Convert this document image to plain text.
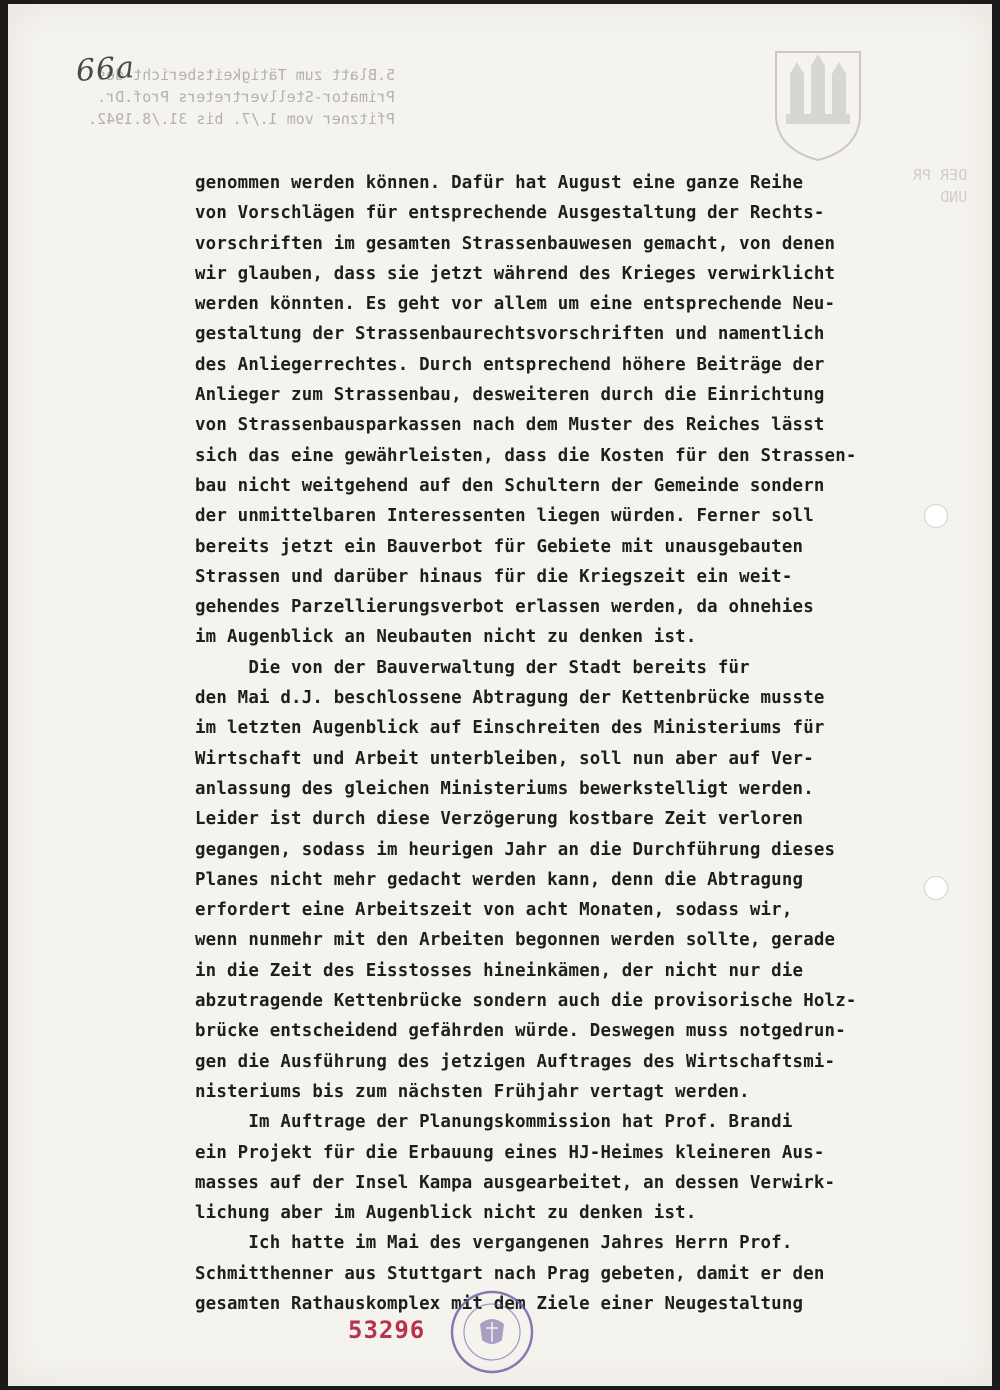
DER PR
UND
5.Blatt zum Tätigkeitsbericht des
Primator-Stellvertreters Prof.Dr.
Pfitzner vom 1./7. bis 31./8.1942.
66a
genommen werden können. Dafür hat August eine ganze Reihe
von Vorschlägen für entsprechende Ausgestaltung der Rechts-
vorschriften im gesamten Strassenbauwesen gemacht, von denen
wir glauben, dass sie jetzt während des Krieges verwirklicht
werden könnten. Es geht vor allem um eine entsprechende Neu-
gestaltung der Strassenbaurechtsvorschriften und namentlich
des Anliegerrechtes. Durch entsprechend höhere Beiträge der
Anlieger zum Strassenbau, desweiteren durch die Einrichtung
von Strassenbausparkassen nach dem Muster des Reiches lässt
sich das eine gewährleisten, dass die Kosten für den Strassen-
bau nicht weitgehend auf den Schultern der Gemeinde sondern
der unmittelbaren Interessenten liegen würden. Ferner soll
bereits jetzt ein Bauverbot für Gebiete mit unausgebauten
Strassen und darüber hinaus für die Kriegszeit ein weit-
gehendes Parzellierungsverbot erlassen werden, da ohnehies
im Augenblick an Neubauten nicht zu denken ist.
Die von der Bauverwaltung der Stadt bereits für
den Mai d.J. beschlossene Abtragung der Kettenbrücke musste
im letzten Augenblick auf Einschreiten des Ministeriums für
Wirtschaft und Arbeit unterbleiben, soll nun aber auf Ver-
anlassung des gleichen Ministeriums bewerkstelligt werden.
Leider ist durch diese Verzögerung kostbare Zeit verloren
gegangen, sodass im heurigen Jahr an die Durchführung dieses
Planes nicht mehr gedacht werden kann, denn die Abtragung
erfordert eine Arbeitszeit von acht Monaten, sodass wir,
wenn nunmehr mit den Arbeiten begonnen werden sollte, gerade
in die Zeit des Eisstosses hineinkämen, der nicht nur die
abzutragende Kettenbrücke sondern auch die provisorische Holz-
brücke entscheidend gefährden würde. Deswegen muss notgedrun-
gen die Ausführung des jetzigen Auftrages des Wirtschaftsmi-
nisteriums bis zum nächsten Frühjahr vertagt werden.
Im Auftrage der Planungskommission hat Prof. Brandi
ein Projekt für die Erbauung eines HJ-Heimes kleineren Aus-
masses auf der Insel Kampa ausgearbeitet, an dessen Verwirk-
lichung aber im Augenblick nicht zu denken ist.
Ich hatte im Mai des vergangenen Jahres Herrn Prof.
Schmitthenner aus Stuttgart nach Prag gebeten, damit er den
gesamten Rathauskomplex mit dem Ziele einer Neugestaltung
53296
